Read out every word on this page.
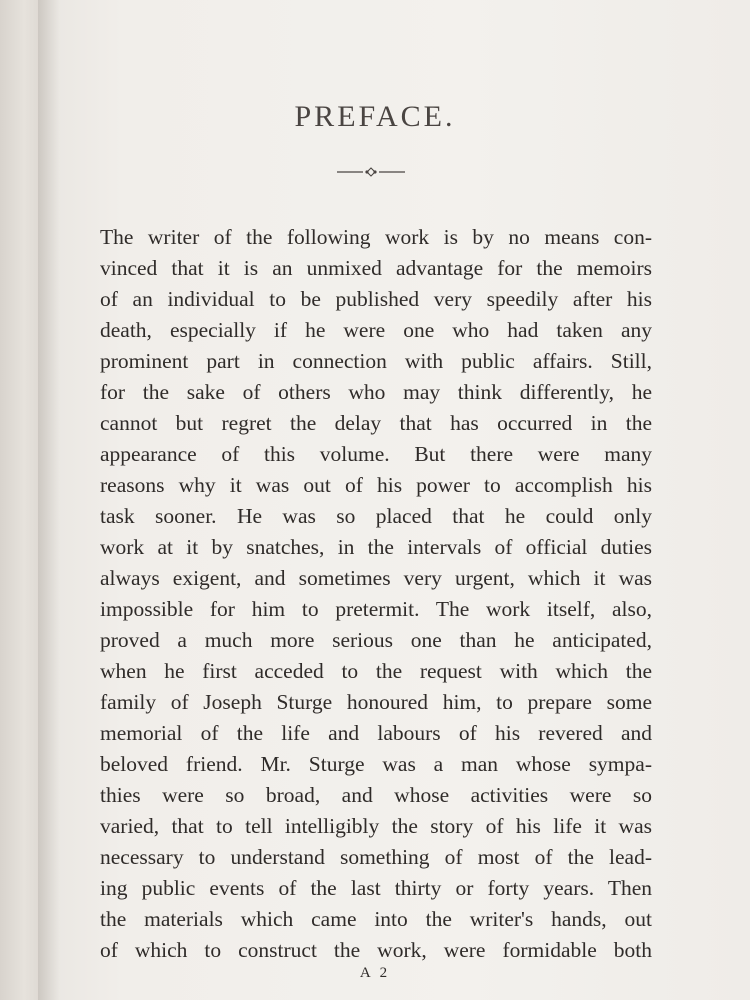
PREFACE.
The writer of the following work is by no means con-
vinced that it is an unmixed advantage for the memoirs
of an individual to be published very speedily after his
death, especially if he were one who had taken any
prominent part in connection with public affairs. Still,
for the sake of others who may think differently, he
cannot but regret the delay that has occurred in the
appearance of this volume. But there were many
reasons why it was out of his power to accomplish his
task sooner. He was so placed that he could only
work at it by snatches, in the intervals of official duties
always exigent, and sometimes very urgent, which it was
impossible for him to pretermit. The work itself, also,
proved a much more serious one than he anticipated,
when he first acceded to the request with which the
family of Joseph Sturge honoured him, to prepare some
memorial of the life and labours of his revered and
beloved friend. Mr. Sturge was a man whose sympa-
thies were so broad, and whose activities were so
varied, that to tell intelligibly the story of his life it was
necessary to understand something of most of the lead-
ing public events of the last thirty or forty years. Then
the materials which came into the writer's hands, out
of which to construct the work, were formidable both
A 2
